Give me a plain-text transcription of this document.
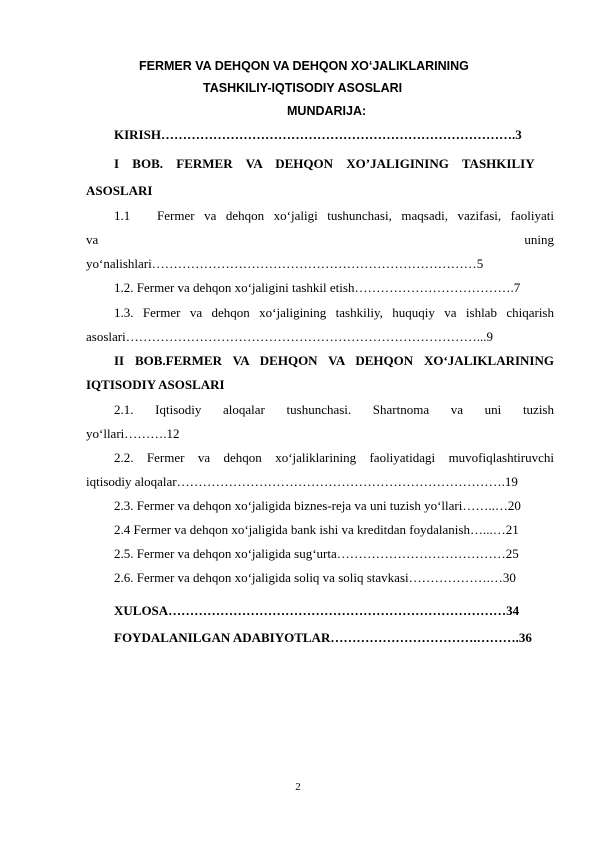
FERMER VA DEHQON VA DEHQON XO‘JALIKLARINING
TASHKILIY-IQTISODIY ASOSLARI
MUNDARIJA:
KIRISH……………………………………………………………………….3
I BOB. FERMER VA DEHQON XO’JALIGINING TASHKILIY
ASOSLARI
1.1 Fermer va dehqon xo‘jaligi tushunchasi, maqsadi, vazifasi, faoliyati
va	uning
yo‘nalishlari…………………………………………………………………5
1.2. Fermer va dehqon xo‘jaligini tashkil etish……………………………….7
1.3. Fermer va dehqon xo‘jaligining tashkiliy, huquqiy va ishlab chiqarish
asoslari………………………………………………………………………...9
II BOB.FERMER VA DEHQON VA DEHQON XO‘JALIKLARINING
IQTISODIY ASOSLARI
2.1. Iqtisodiy aloqalar tushunchasi. Shartnoma va uni tuzish
yo‘llari……….12
2.2. Fermer va dehqon xo‘jaliklarining faoliyatidagi muvofiqlashtiruvchi
iqtisodiy aloqalar………………………………………………………………….19
2.3. Fermer va dehqon xo‘jaligida biznes-reja va uni tuzish yo‘llari……..…20
2.4 Fermer va dehqon xo‘jaligida bank ishi va kreditdan foydalanish…...…21
2.5. Fermer va dehqon xo‘jaligida sug‘urta…………………………………25
2.6. Fermer va dehqon xo‘jaligida soliq va soliq stavkasi……………….…30
XULOSA……………………………………………………………………34
FOYDALANILGAN ADABIYOTLAR…………………………….……….36
2
